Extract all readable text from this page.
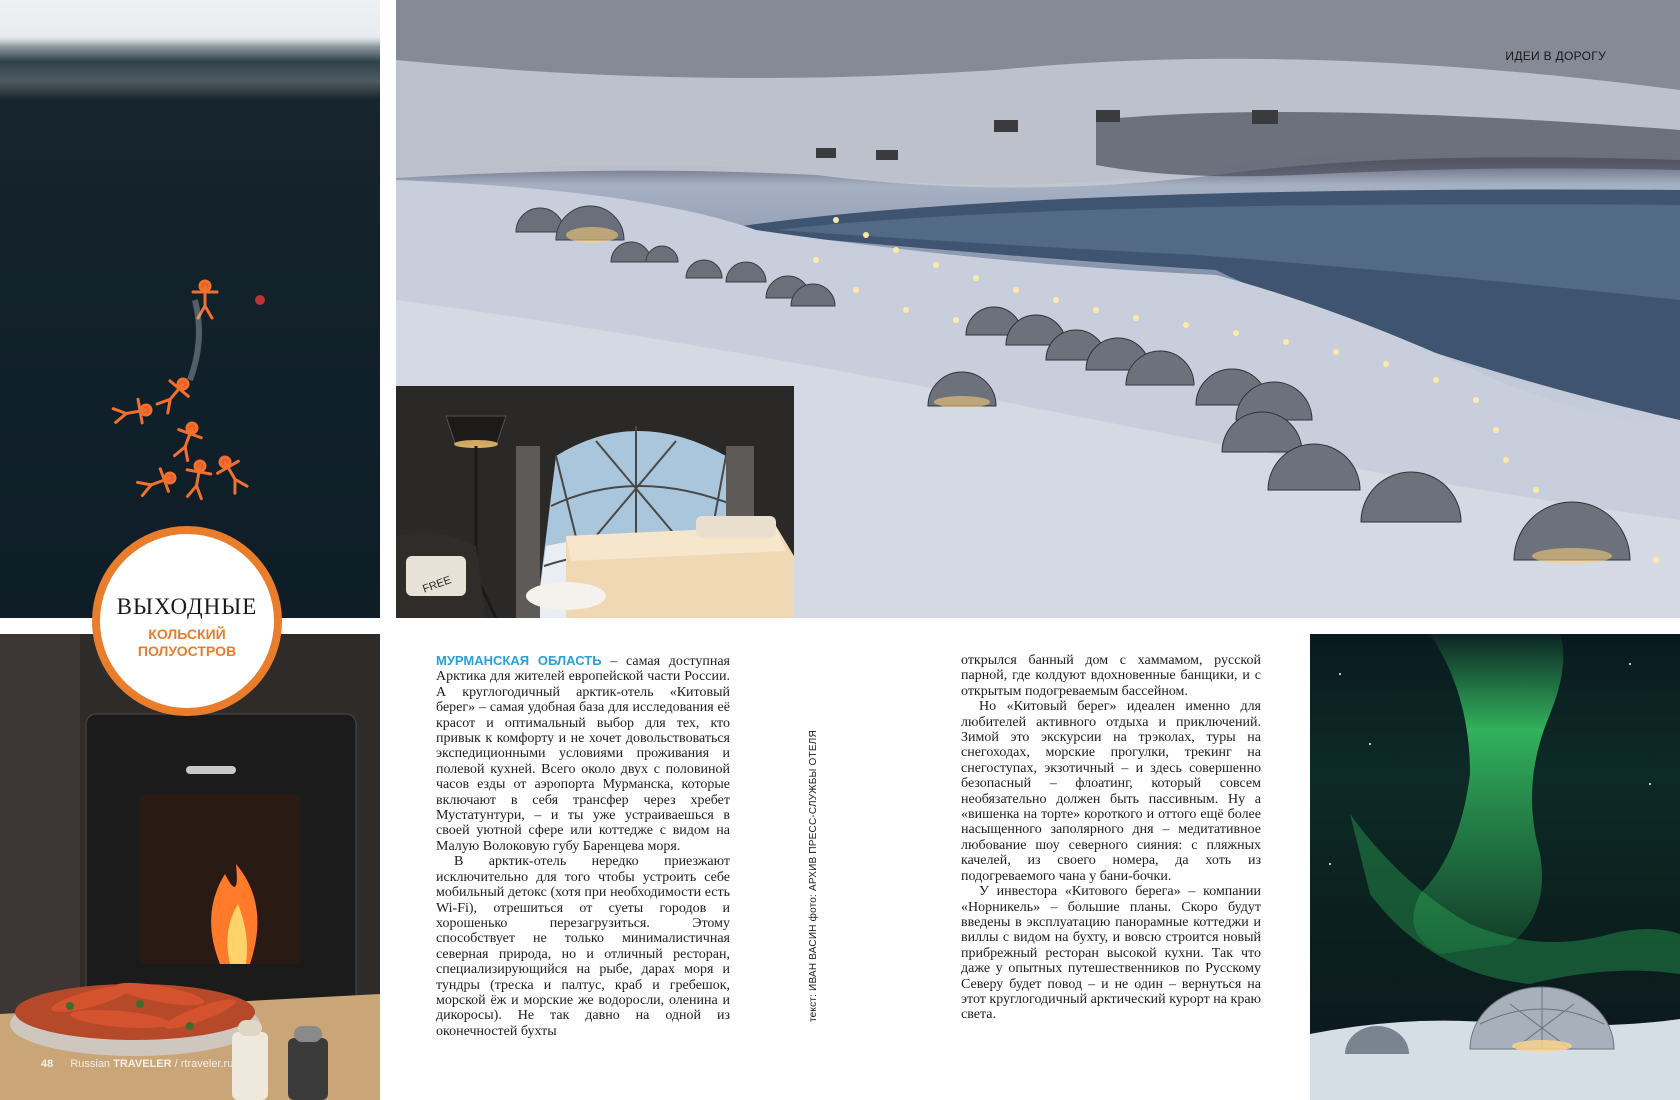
FREE
ВЫХОДНЫЕ
КОЛЬСКИЙ ПОЛУОСТРОВ
ИДЕИ В ДОРОГУ
48 Russian TRAVELER / rtraveler.ru

МУРМАНСКАЯ ОБЛАСТЬ – самая доступная Арктика для жителей европейской части России. А круглогодичный арктик-отель «Китовый берег» – самая удобная база для исследования её красот и оптимальный выбор для тех, кто привык к комфорту и не хочет довольствоваться экспедиционными условиями проживания и полевой кухней. Всего около двух с половиной часов езды от аэропорта Мурманска, которые включают в себя трансфер через хребет Мустатунтури, – и ты уже устраиваешься в своей уютной сфере или коттедже с видом на Малую Волоковую губу Баренцева моря.

В арктик-отель нередко приезжают исключительно для того чтобы устроить себе мобильный детокс (хотя при необходимости есть Wi-Fi), отрешиться от суеты городов и хорошенько перезагрузиться. Этому способствует не только минималистичная северная природа, но и отличный ресторан, специализирующийся на рыбе, дарах моря и тундры (треска и палтус, краб и гребешок, морской ёж и морские же водоросли, оленина и дикоросы). Не так давно на одной из оконечностей бухты

текст: ИВАН ВАСИН фото: АРХИВ ПРЕСС-СЛУЖБЫ ОТЕЛЯ

открылся банный дом с хаммамом, русской парной, где колдуют вдохновенные банщики, и с открытым подогреваемым бассейном.

Но «Китовый берег» идеален именно для любителей активного отдыха и приключений. Зимой это экскурсии на трэколах, туры на снегоходах, морские прогулки, трекинг на снегоступах, экзотичный – и здесь совершенно безопасный – флоатинг, который совсем необязательно должен быть пассивным. Ну а «вишенка на торте» короткого и оттого ещё более насыщенного заполярного дня – медитативное любование шоу северного сияния: с пляжных качелей, из своего номера, да хоть из подогреваемого чана у бани-бочки.

У инвестора «Китового берега» – компании «Норникель» – большие планы. Скоро будут введены в эксплуатацию панорамные коттеджи и виллы с видом на бухту, и вовсю строится новый прибрежный ресторан высокой кухни. Так что даже у опытных путешественников по Русскому Северу будет повод – и не один – вернуться на этот круглогодичный арктический курорт на краю света.
